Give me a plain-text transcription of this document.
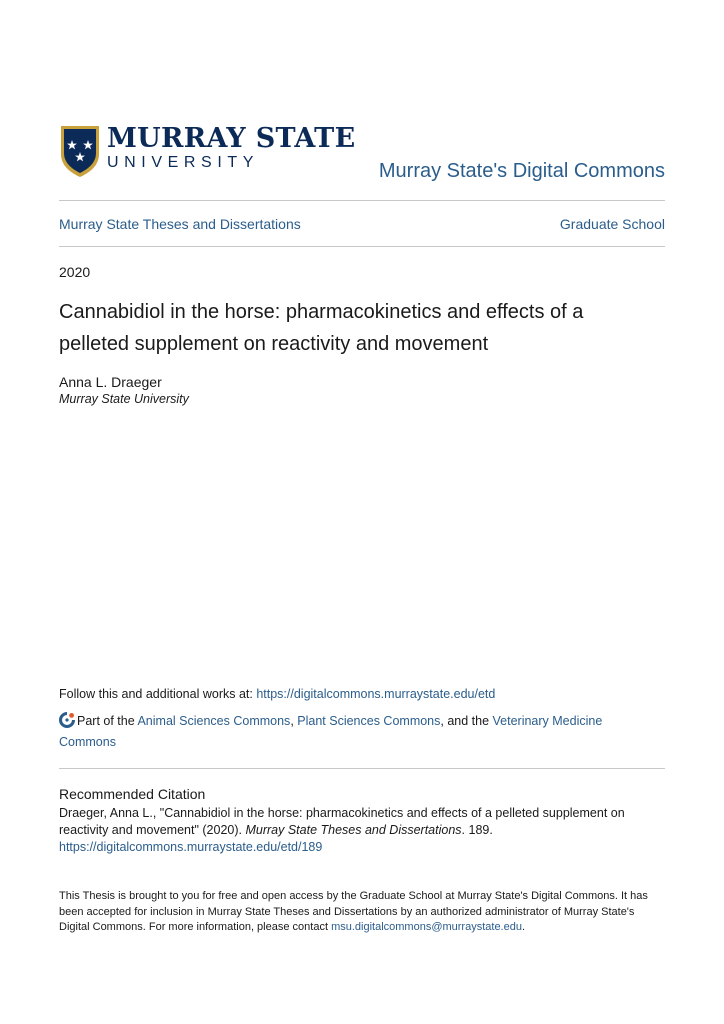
MURRAY STATE
UNIVERSITY	Murray State's Digital Commons
Murray State Theses and Dissertations	Graduate School
2020
Cannabidiol in the horse: pharmacokinetics and effects of a pelleted supplement on reactivity and movement
Anna L. Draeger
Murray State University
Follow this and additional works at: https://digitalcommons.murraystate.edu/etd
Part of the Animal Sciences Commons, Plant Sciences Commons, and the Veterinary Medicine Commons
Recommended Citation
Draeger, Anna L., "Cannabidiol in the horse: pharmacokinetics and effects of a pelleted supplement on reactivity and movement" (2020). Murray State Theses and Dissertations. 189.
https://digitalcommons.murraystate.edu/etd/189
This Thesis is brought to you for free and open access by the Graduate School at Murray State's Digital Commons. It has been accepted for inclusion in Murray State Theses and Dissertations by an authorized administrator of Murray State's Digital Commons. For more information, please contact msu.digitalcommons@murraystate.edu.
